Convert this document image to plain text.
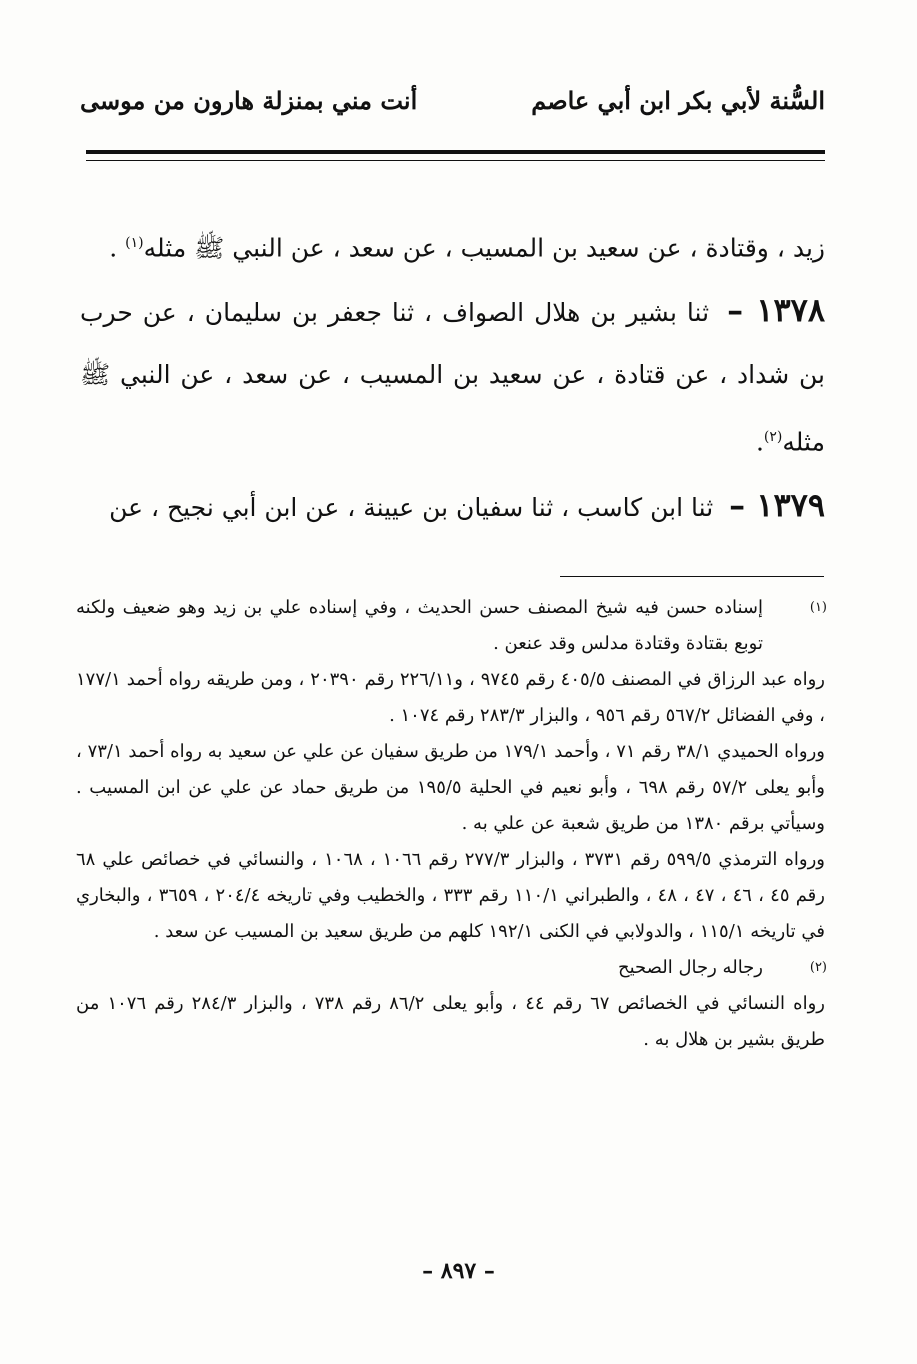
السُّنة لأبي بكر ابن أبي عاصم
أنت مني بمنزلة هارون من موسى

زيد ، وقتادة ، عن سعيد بن المسيب ، عن سعد ، عن النبي ﷺ مثله$^{(١)}$ .

١٣٧٨ – ثنا بشير بن هلال الصواف ، ثنا جعفر بن سليمان ، عن حرب بن شداد ، عن قتادة ، عن سعيد بن المسيب ، عن سعد ، عن النبي ﷺ مثله$^{(٢)}$.

١٣٧٩ – ثنا ابن كاسب ، ثنا سفيان بن عيينة ، عن ابن أبي نجيح ، عن

(١)

إسناده حسن فيه شيخ المصنف حسن الحديث ، وفي إسناده علي بن زيد وهو ضعيف ولكنه توبع بقتادة وقتادة مدلس وقد عنعن .

رواه عبد الرزاق في المصنف ٤٠٥/٥ رقم ٩٧٤٥ ، و٢٢٦/١١ رقم ٢٠٣٩٠ ، ومن طريقه رواه أحمد ١٧٧/١ ، وفي الفضائل ٥٦٧/٢ رقم ٩٥٦ ، والبزار ٢٨٣/٣ رقم ١٠٧٤ .

ورواه الحميدي ٣٨/١ رقم ٧١ ، وأحمد ١٧٩/١ من طريق سفيان عن علي عن سعيد به رواه أحمد ٧٣/١ ، وأبو يعلى ٥٧/٢ رقم ٦٩٨ ، وأبو نعيم في الحلية ١٩٥/٥ من طريق حماد عن علي عن ابن المسيب . وسيأتي برقم ١٣٨٠ من طريق شعبة عن علي به .

ورواه الترمذي ٥٩٩/٥ رقم ٣٧٣١ ، والبزار ٢٧٧/٣ رقم ١٠٦٦ ، ١٠٦٨ ، والنسائي في خصائص علي ٦٨ رقم ٤٥ ، ٤٦ ، ٤٧ ، ٤٨ ، والطبراني ١١٠/١ رقم ٣٣٣ ، والخطيب وفي تاريخه ٢٠٤/٤ ، ٣٦٥٩ ، والبخاري في تاريخه ١١٥/١ ، والدولابي في الكنى ١٩٢/١ كلهم من طريق سعيد بن المسيب عن سعد .

(٢)

رجاله رجال الصحيح

رواه النسائي في الخصائص ٦٧ رقم ٤٤ ، وأبو يعلى ٨٦/٢ رقم ٧٣٨ ، والبزار ٢٨٤/٣ رقم ١٠٧٦ من طريق بشير بن هلال به .

– ٨٩٧ –
